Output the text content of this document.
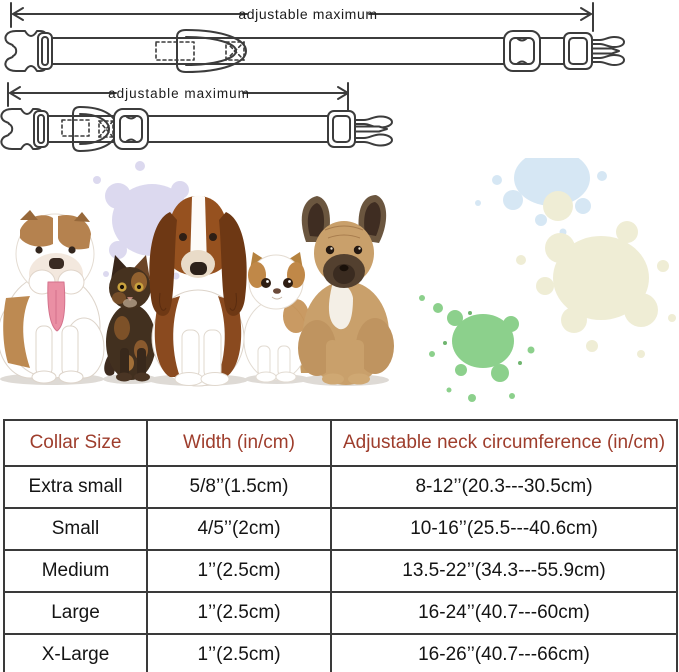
adjustable maximum
adjustable maximum
Collar Size	Width (in/cm)	Adjustable neck circumference (in/cm)
Extra small	5/8’’(1.5cm)	8-12’’(20.3---30.5cm)
Small	4/5’’(2cm)	10-16’’(25.5---40.6cm)
Medium	1’’(2.5cm)	13.5-22’’(34.3---55.9cm)
Large	1’’(2.5cm)	16-24’’(40.7---60cm)
X-Large	1’’(2.5cm)	16-26’’(40.7---66cm)
